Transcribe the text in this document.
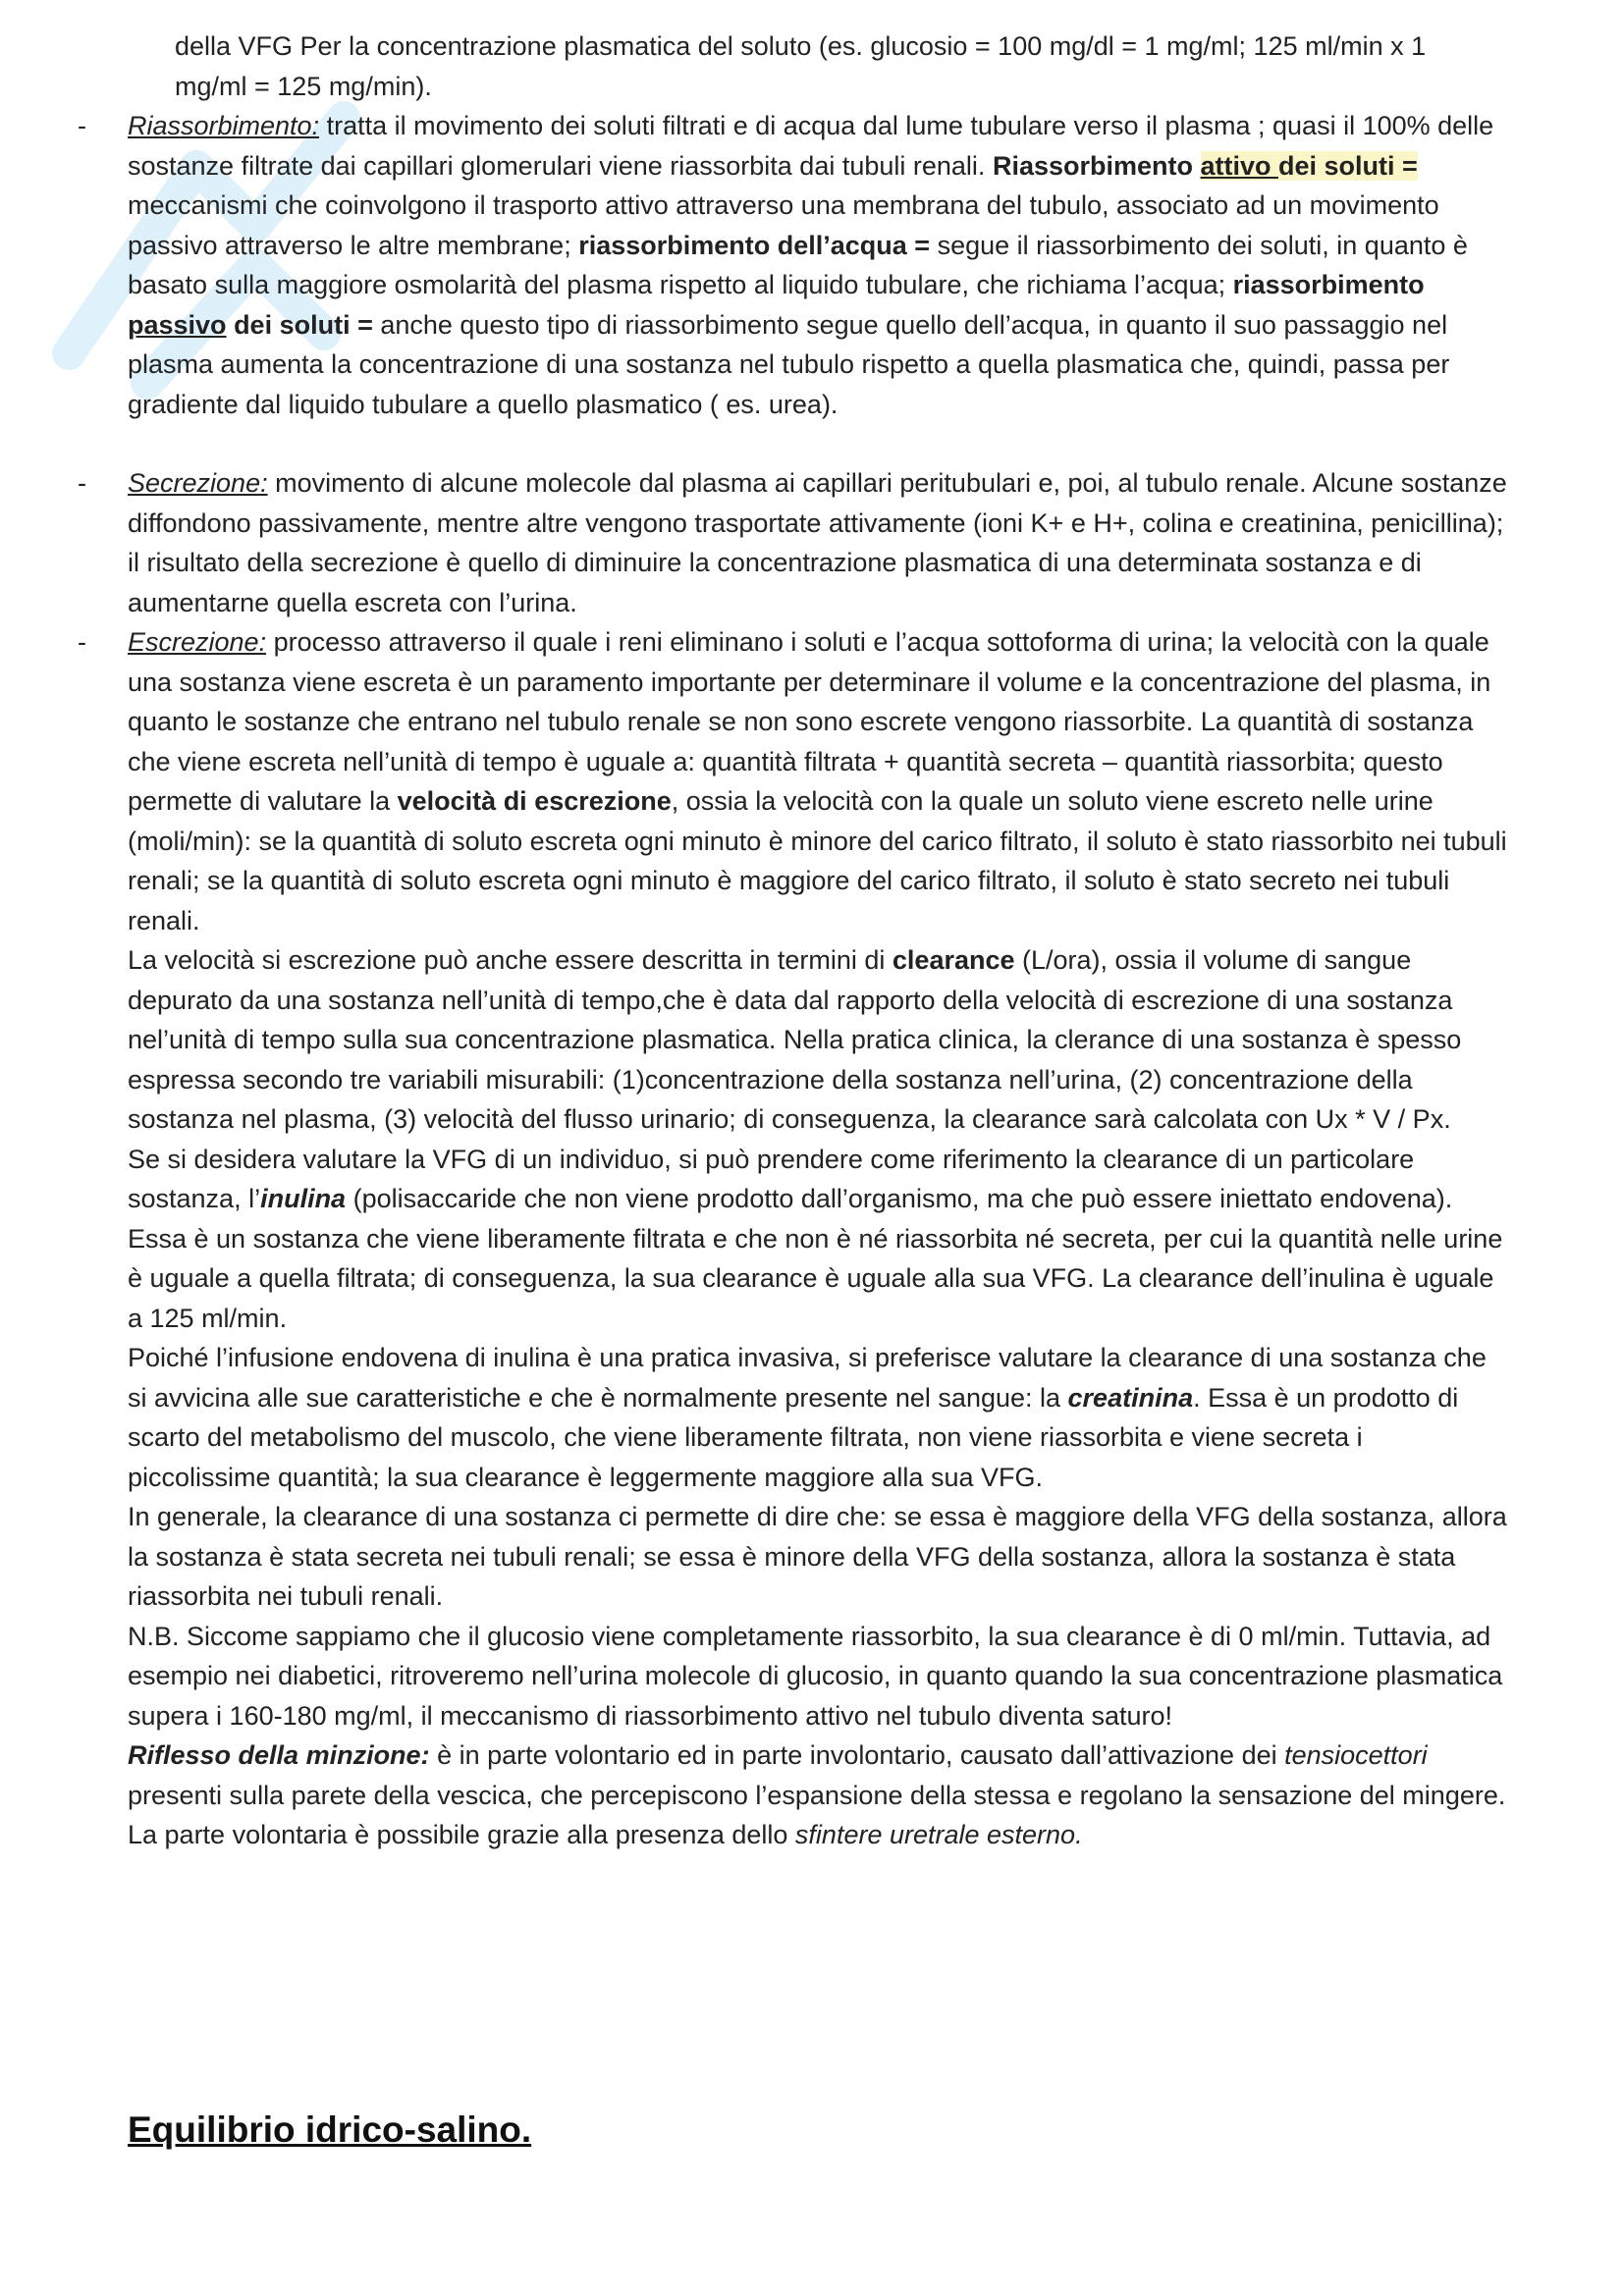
della VFG Per la concentrazione plasmatica del soluto (es. glucosio = 100 mg/dl = 1 mg/ml; 125 ml/min x 1 mg/ml = 125 mg/min).

-	Riassorbimento: tratta il movimento dei soluti filtrati e di acqua dal lume tubulare verso il plasma ; quasi il 100% delle sostanze filtrate dai capillari glomerulari viene riassorbita dai tubuli renali. Riassorbimento attivo dei soluti = meccanismi che coinvolgono il trasporto attivo attraverso una membrana del tubulo, associato ad un movimento passivo attraverso le altre membrane; riassorbimento dell’acqua = segue il riassorbimento dei soluti, in quanto è basato sulla maggiore osmolarità del plasma rispetto al liquido tubulare, che richiama l’acqua; riassorbimento passivo dei soluti = anche questo tipo di riassorbimento segue quello dell’acqua, in quanto il suo passaggio nel plasma aumenta la concentrazione di una sostanza nel tubulo rispetto a quella plasmatica che, quindi, passa per gradiente dal liquido tubulare a quello plasmatico ( es. urea).

-	Secrezione: movimento di alcune molecole dal plasma ai capillari peritubulari e, poi, al tubulo renale. Alcune sostanze diffondono passivamente, mentre altre vengono trasportate attivamente (ioni K+ e H+, colina e creatinina, penicillina); il risultato della secrezione è quello di diminuire la concentrazione plasmatica di una determinata sostanza e di aumentarne quella escreta con l’urina.

-	Escrezione: processo attraverso il quale i reni eliminano i soluti e l’acqua sottoforma di urina; la velocità con la quale una sostanza viene escreta è un paramento importante per determinare il volume e la concentrazione del plasma, in quanto le sostanze che entrano nel tubulo renale se non sono escrete vengono riassorbite. La quantità di sostanza che viene escreta nell’unità di tempo è uguale a: quantità filtrata + quantità secreta – quantità riassorbita; questo permette di valutare la velocità di escrezione, ossia la velocità con la quale un soluto viene escreto nelle urine (moli/min): se la quantità di soluto escreta ogni minuto è minore del carico filtrato, il soluto è stato riassorbito nei tubuli renali; se la quantità di soluto escreta ogni minuto è maggiore del carico filtrato, il soluto è stato secreto nei tubuli renali.

La velocità si escrezione può anche essere descritta in termini di clearance (L/ora), ossia il volume di sangue depurato da una sostanza nell’unità di tempo,che è data dal rapporto della velocità di escrezione di una sostanza nel’unità di tempo sulla sua concentrazione plasmatica. Nella pratica clinica, la clerance di una sostanza è spesso espressa secondo tre variabili misurabili: (1)concentrazione della sostanza nell’urina, (2) concentrazione della sostanza nel plasma, (3) velocità del flusso urinario; di conseguenza, la clearance sarà calcolata con Ux * V / Px.

Se si desidera valutare la VFG di un individuo, si può prendere come riferimento la clearance di un particolare sostanza, l’inulina (polisaccaride che non viene prodotto dall’organismo, ma che può essere iniettato endovena). Essa è un sostanza che viene liberamente filtrata e che non è né riassorbita né secreta, per cui la quantità nelle urine è uguale a quella filtrata; di conseguenza, la sua clearance è uguale alla sua VFG. La clearance dell’inulina è uguale a 125 ml/min.

Poiché l’infusione endovena di inulina è una pratica invasiva, si preferisce valutare la clearance di una sostanza che si avvicina alle sue caratteristiche e che è normalmente presente nel sangue: la creatinina. Essa è un prodotto di scarto del metabolismo del muscolo, che viene liberamente filtrata, non viene riassorbita e viene secreta i piccolissime quantità; la sua clearance è leggermente maggiore alla sua VFG.

In generale, la clearance di una sostanza ci permette di dire che: se essa è maggiore della VFG della sostanza, allora la sostanza è stata secreta nei tubuli renali; se essa è minore della VFG della sostanza, allora la sostanza è stata riassorbita nei tubuli renali.

N.B. Siccome sappiamo che il glucosio viene completamente riassorbito, la sua clearance è di 0 ml/min. Tuttavia, ad esempio nei diabetici, ritroveremo nell’urina molecole di glucosio, in quanto quando la sua concentrazione plasmatica supera i 160-180 mg/ml, il meccanismo di riassorbimento attivo nel tubulo diventa saturo!

Riflesso della minzione: è in parte volontario ed in parte involontario, causato dall’attivazione dei tensiocettori presenti sulla parete della vescica, che percepiscono l’espansione della stessa e regolano la sensazione del mingere. La parte volontaria è possibile grazie alla presenza dello sfintere uretrale esterno.

Equilibrio idrico-salino.
